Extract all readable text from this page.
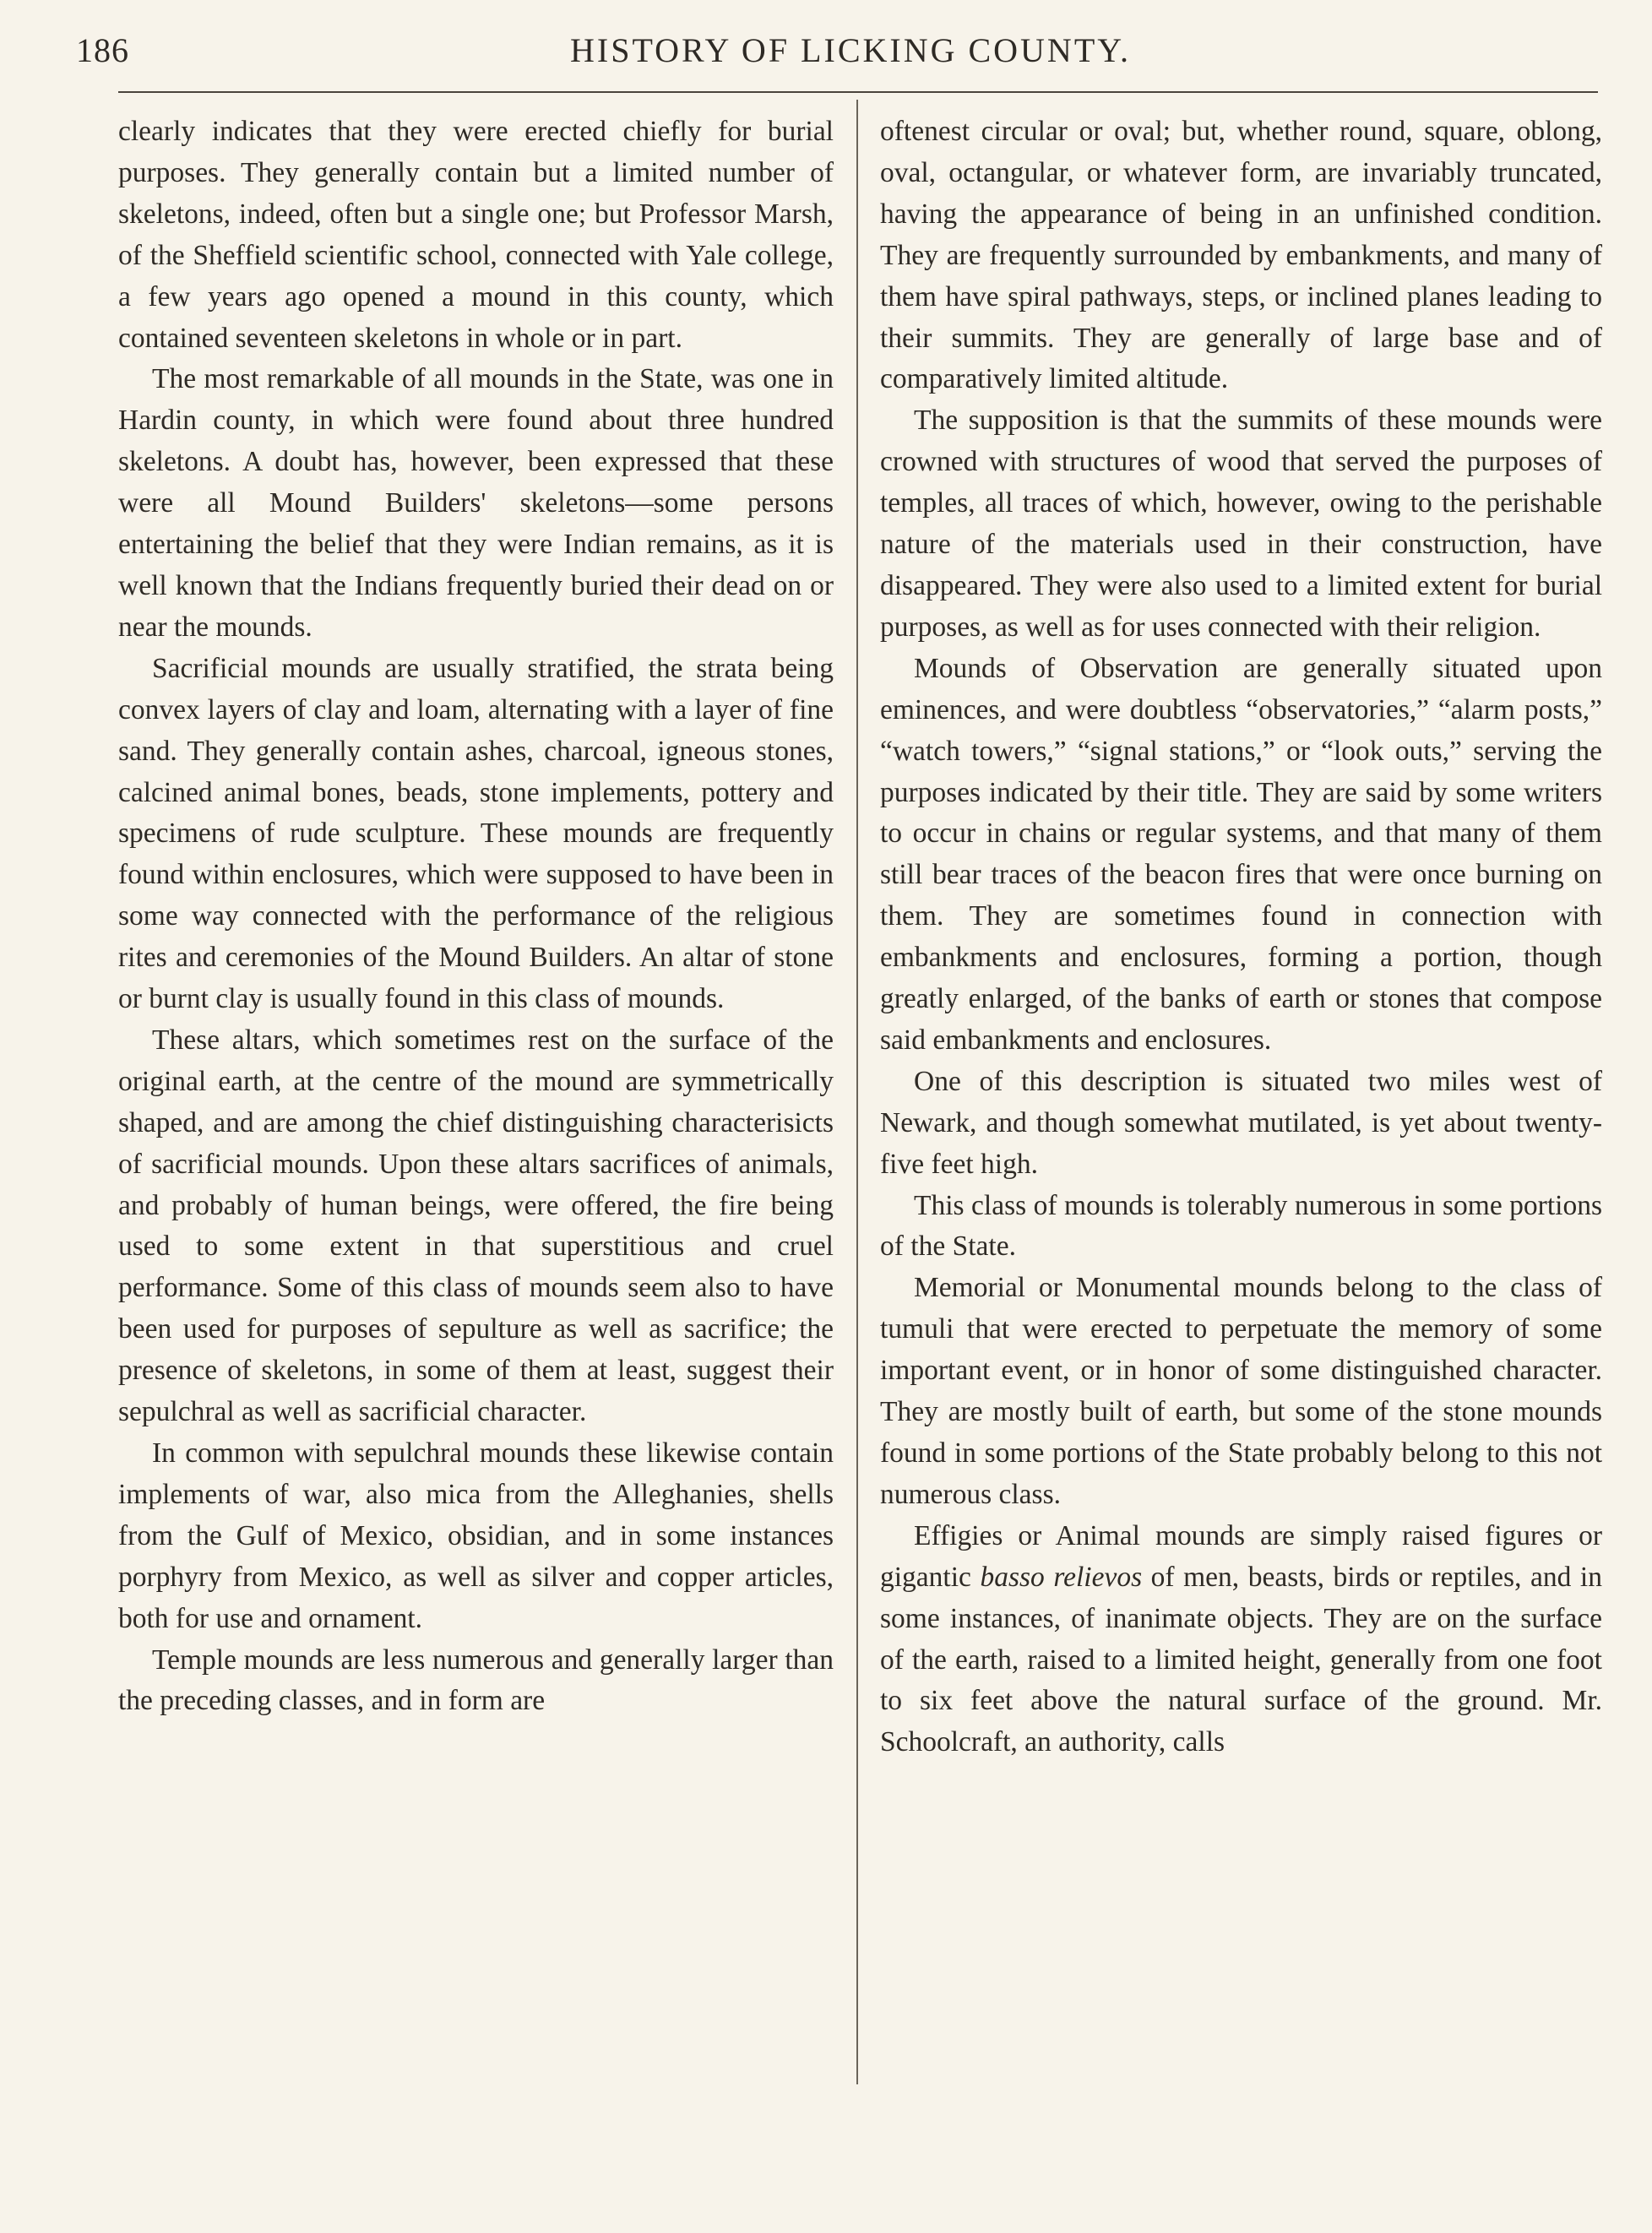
186	HISTORY OF LICKING COUNTY.

clearly indicates that they were erected chiefly for burial purposes. They generally contain but a limited number of skeletons, indeed, often but a single one; but Professor Marsh, of the Sheffield scientific school, connected with Yale college, a few years ago opened a mound in this county, which contained seventeen skeletons in whole or in part.

The most remarkable of all mounds in the State, was one in Hardin county, in which were found about three hundred skeletons. A doubt has, however, been expressed that these were all Mound Builders' skeletons—some persons entertaining the belief that they were Indian remains, as it is well known that the Indians frequently buried their dead on or near the mounds.

Sacrificial mounds are usually stratified, the strata being convex layers of clay and loam, alternating with a layer of fine sand. They generally contain ashes, charcoal, igneous stones, calcined animal bones, beads, stone implements, pottery and specimens of rude sculpture. These mounds are frequently found within enclosures, which were supposed to have been in some way connected with the performance of the religious rites and ceremonies of the Mound Builders. An altar of stone or burnt clay is usually found in this class of mounds.

These altars, which sometimes rest on the surface of the original earth, at the centre of the mound are symmetrically shaped, and are among the chief distinguishing characterisicts of sacrificial mounds. Upon these altars sacrifices of animals, and probably of human beings, were offered, the fire being used to some extent in that superstitious and cruel performance. Some of this class of mounds seem also to have been used for purposes of sepulture as well as sacrifice; the presence of skeletons, in some of them at least, suggest their sepulchral as well as sacrificial character.

In common with sepulchral mounds these likewise contain implements of war, also mica from the Alleghanies, shells from the Gulf of Mexico, obsidian, and in some instances porphyry from Mexico, as well as silver and copper articles, both for use and ornament.

Temple mounds are less numerous and generally larger than the preceding classes, and in form are

oftenest circular or oval; but, whether round, square, oblong, oval, octangular, or whatever form, are invariably truncated, having the appearance of being in an unfinished condition. They are frequently surrounded by embankments, and many of them have spiral pathways, steps, or inclined planes leading to their summits. They are generally of large base and of comparatively limited altitude.

The supposition is that the summits of these mounds were crowned with structures of wood that served the purposes of temples, all traces of which, however, owing to the perishable nature of the materials used in their construction, have disappeared. They were also used to a limited extent for burial purposes, as well as for uses connected with their religion.

Mounds of Observation are generally situated upon eminences, and were doubtless “observatories,” “alarm posts,” “watch towers,” “signal stations,” or “look outs,” serving the purposes indicated by their title. They are said by some writers to occur in chains or regular systems, and that many of them still bear traces of the beacon fires that were once burning on them. They are sometimes found in connection with embankments and enclosures, forming a portion, though greatly enlarged, of the banks of earth or stones that compose said embankments and enclosures.

One of this description is situated two miles west of Newark, and though somewhat mutilated, is yet about twenty-five feet high.

This class of mounds is tolerably numerous in some portions of the State.

Memorial or Monumental mounds belong to the class of tumuli that were erected to perpetuate the memory of some important event, or in honor of some distinguished character. They are mostly built of earth, but some of the stone mounds found in some portions of the State probably belong to this not numerous class.

Effigies or Animal mounds are simply raised figures or gigantic basso relievos of men, beasts, birds or reptiles, and in some instances, of inanimate objects. They are on the surface of the earth, raised to a limited height, generally from one foot to six feet above the natural surface of the ground. Mr. Schoolcraft, an authority, calls
